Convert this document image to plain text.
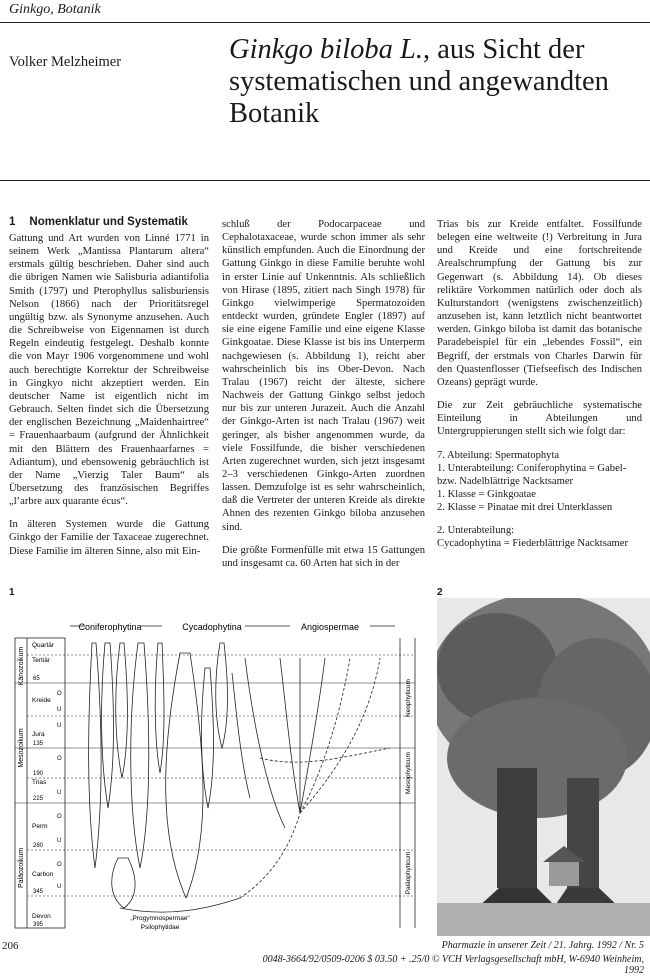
Ginkgo, Botanik
Volker Melzheimer	Ginkgo biloba L., aus Sicht der systematischen und angewandten Botanik
1 Nomenklatur und Systematik

Gattung und Art wurden von Linné 1771 in seinem Werk „Mantissa Plantarum altera“ erstmals gültig beschrieben. Daher sind auch die übrigen Namen wie Salisburia adiantifolia Smith (1797) und Pterophyllus salisburiensis Nelson (1866) nach der Prioritätsregel ungültig bzw. als Synonyme anzusehen. Auch die Schreibweise von Eigennamen ist durch Regeln eindeutig festgelegt. Deshalb konnte die von Mayr 1906 vorgenommene und wohl auch berechtigte Korrektur der Schreibweise in Gingkyo nicht akzeptiert werden. Ein deutscher Name ist eigentlich nicht im Gebrauch. Selten findet sich die Übersetzung der englischen Bezeichnung „Maidenhairtree“ = Frauenhaarbaum (aufgrund der Ähnlichkeit mit den Blättern des Frauenhaarfarnes = Adiantum), und ebensowenig gebräuchlich ist der Name „Vierzig Taler Baum“ als Übersetzung des französischen Begriffes „l’arbre aux quarante écus“.

In älteren Systemen wurde die Gattung Ginkgo der Familie der Taxaceae zugerechnet. Diese Familie im älteren Sinne, also mit Ein-

schluß der Podocarpaceae und Cephalotaxaceae, wurde schon immer als sehr künstlich empfunden. Auch die Einordnung der Gattung Ginkgo in diese Familie beruhte wohl in erster Linie auf Unkenntnis. Als schließlich von Hirase (1895, zitiert nach Singh 1978) für Ginkgo vielwimperige Spermatozoiden entdeckt wurden, gründete Engler (1897) auf sie eine eigene Familie und eine eigene Klasse Ginkgoatae. Diese Klasse ist bis ins Unterperm nachgewiesen (s. Abbildung 1), reicht aber wahrscheinlich bis ins Ober-Devon. Nach Tralau (1967) reicht der älteste, sichere Nachweis der Gattung Ginkgo selbst jedoch nur bis zur unteren Jurazeit. Auch die Anzahl der Ginkgo-Arten ist nach Tralau (1967) weit geringer, als bisher angenommen wurde, da viele Fossilfunde, die bisher verschiedenen Arten zugerechnet wurden, sich jetzt insgesamt 2–3 verschiedenen Ginkgo-Arten zuordnen lassen. Demzufolge ist es sehr wahrscheinlich, daß die Vertreter der unteren Kreide als direkte Ahnen des rezenten Ginkgo biloba anzusehen sind.

Die größte Formenfülle mit etwa 15 Gattungen und insgesamt ca. 60 Arten hat sich in der

Trias bis zur Kreide entfaltet. Fossilfunde belegen eine weltweite (!) Verbreitung in Jura und Kreide und eine fortschreitende Arealschrumpfung der Gattung bis zur Gegenwart (s. Abbildung 14). Ob dieses reliktäre Vorkommen natürlich oder doch als Kulturstandort (wenigstens zwischenzeitlich) anzusehen ist, kann letztlich nicht beantwortet werden. Ginkgo biloba ist damit das botanische Paradebeispiel für ein „lebendes Fossil“, ein Begriff, der erstmals von Charles Darwin für den Quastenflosser (Tiefseefisch des Indischen Ozeans) geprägt wurde.

Die zur Zeit gebräuchliche systematische Einteilung in Abteilungen und Untergruppierungen stellt sich wie folgt dar:

7. Abteilung: Spermatophyta

1. Unterabteilung: Coniferophytina = Gabel- bzw. Nadelblättrige Nacktsamer

1. Klasse = Ginkgoatae

2. Klasse = Pinatae mit drei Unterklassen

2. Unterabteilung:

Cycadophytina = Fiederblättrige Nacktsamer

1	2
Coniferophytina	Cycadophytina	Angiospermae
Känozoikum
Mesozoikum
Paläozoikum
Quartär
Tertiär
Kreide
Jura
Trias
Perm
Carbon
Devon
65
135
190
225
280
345
395
O
U
U
O
U
O
U
O
U
Neophyticum
Mesophyticum
Paläophyticum
„Progymnospermae“
Psilophytidae
206	Pharmazie in unserer Zeit / 21. Jahrg. 1992 / Nr. 5
0048-3664/92/0509-0206 $ 03.50 + .25/0 © VCH Verlagsgesellschaft mbH, W-6940 Weinheim, 1992
